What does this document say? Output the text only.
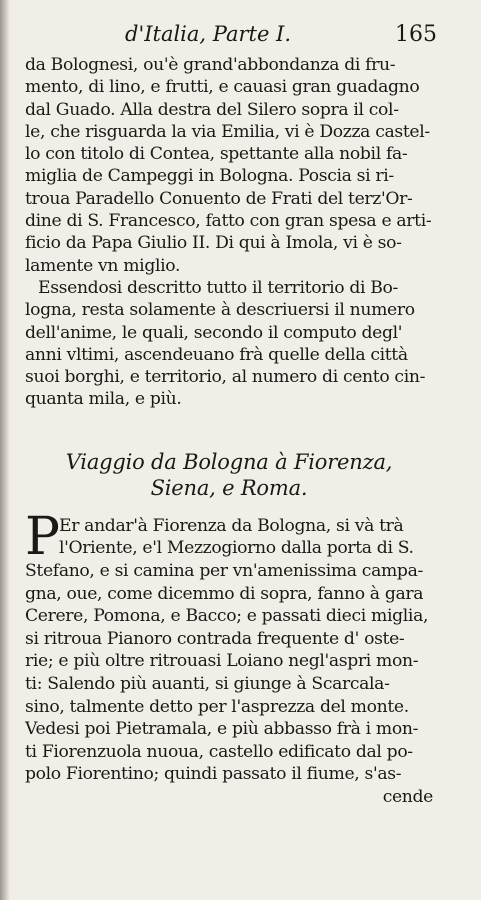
d'Italia, Parte I.	165
da Bolognesi, ou'è grand'abbondanza di fru-
mento, di lino, e frutti, e cauasi gran guadagno
dal Guado. Alla destra del Silero sopra il col-
le, che risguarda la via Emilia, vi è Dozza castel-
lo con titolo di Contea, spettante alla nobil fa-
miglia de Campeggi in Bologna. Poscia si ri-
troua Paradello Conuento de Frati del terz'Or-
dine di S. Francesco, fatto con gran spesa e arti-
ficio da Papa Giulio II. Di qui à Imola, vi è so-
lamente vn miglio.
Essendosi descritto tutto il territorio di Bo-
logna, resta solamente à descriuersi il numero
dell'anime, le quali, secondo il computo degl'
anni vltimi, ascendeuano frà quelle della città
suoi borghi, e territorio, al numero di cento cin-
quanta mila, e più.
Viaggio da Bologna à Fiorenza,
Siena, e Roma.
P Er andar'à Fiorenza da Bologna, si và trà
l'Oriente, e'l Mezzogiorno dalla porta di S.
Stefano, e si camina per vn'amenissima campa-
gna, oue, come dicemmo di sopra, fanno à gara
Cerere, Pomona, e Bacco; e passati dieci miglia,
si ritroua Pianoro contrada frequente d' oste-
rie; e più oltre ritrouasi Loiano negl'aspri mon-
ti: Salendo più auanti, si giunge à Scarcala-
sino, talmente detto per l'asprezza del monte.
Vedesi poi Pietramala, e più abbasso frà i mon-
ti Fiorenzuola nuoua, castello edificato dal po-
polo Fiorentino; quindi passato il fiume, s'as-
cende
